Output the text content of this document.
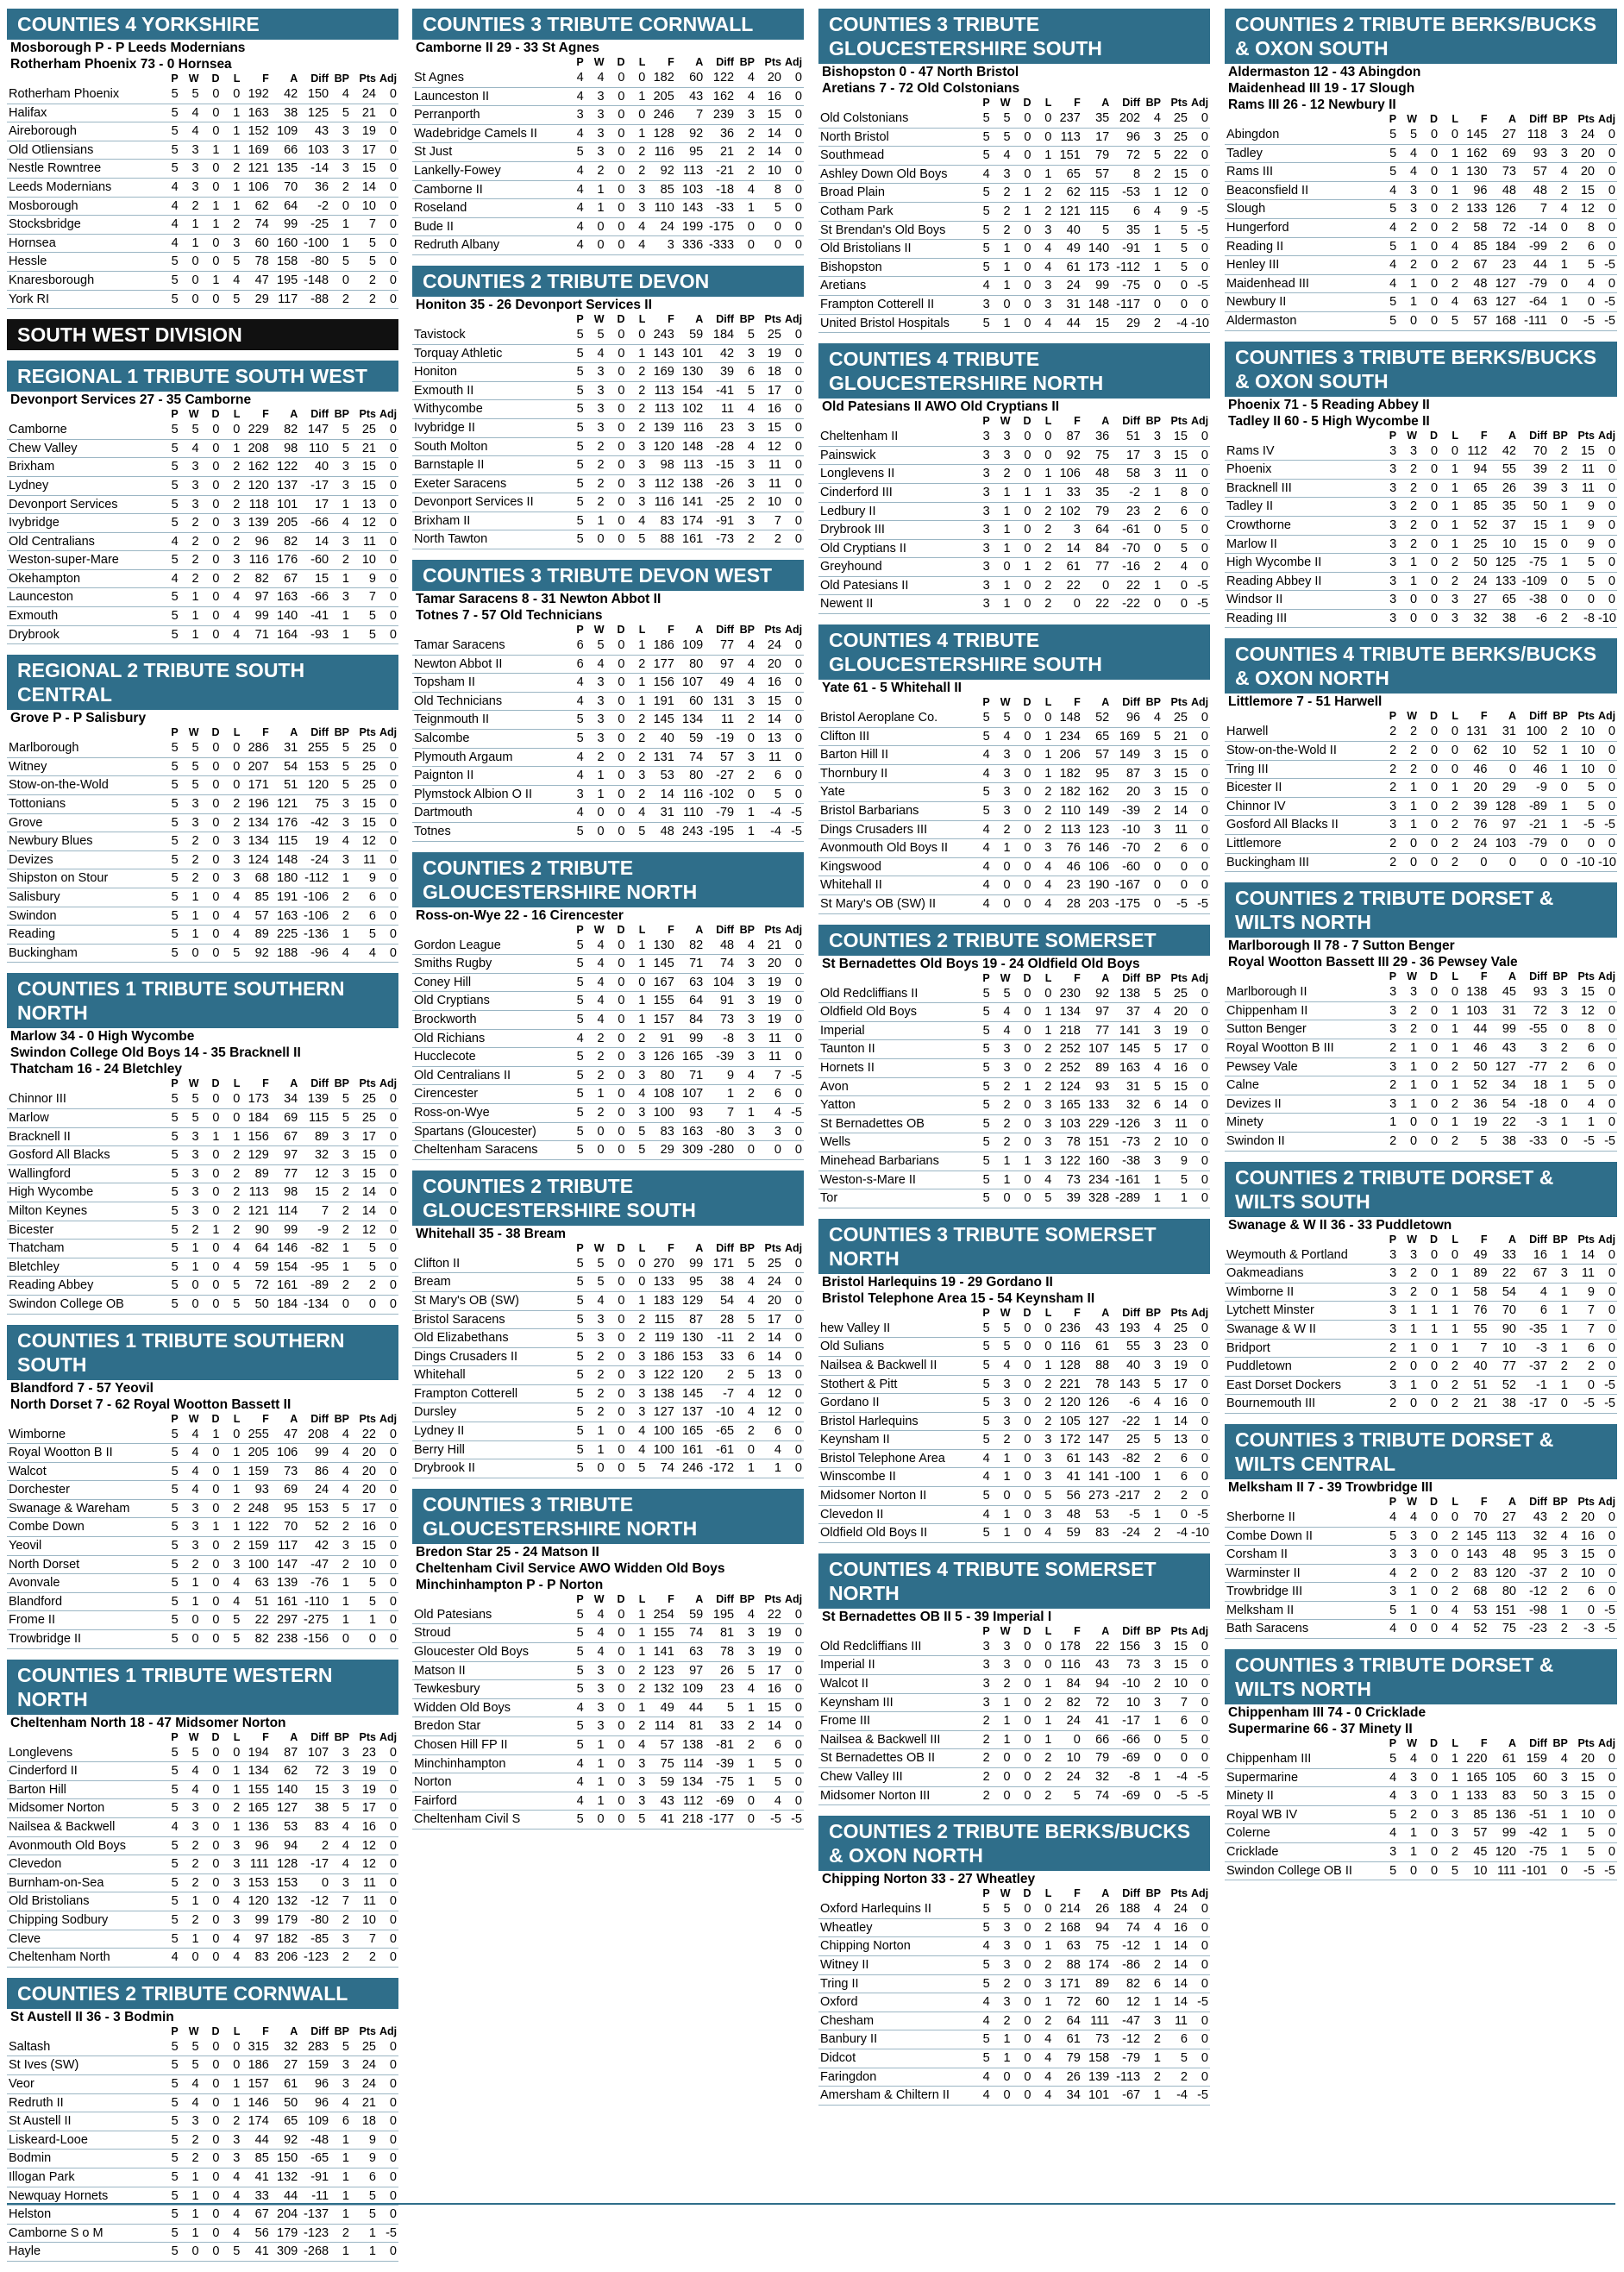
COUNTIES 4 YORKSHIRE
Mosborough P - P Leeds Modernians
Rotherham Phoenix 73 - 0 Hornsea
	P	W	D	L	F	A	Diff	BP	Pts	Adj
Rotherham Phoenix	5	5	0	0	192	42	150	4	24	0
Halifax	5	4	0	1	163	38	125	5	21	0
Aireborough	5	4	0	1	152	109	43	3	19	0
Old Otliensians	5	3	1	1	169	66	103	3	17	0
Nestle Rowntree	5	3	0	2	121	135	-14	3	15	0
Leeds Modernians	4	3	0	1	106	70	36	2	14	0
Mosborough	4	2	1	1	62	64	-2	0	10	0
Stocksbridge	4	1	1	2	74	99	-25	1	7	0
Hornsea	4	1	0	3	60	160	-100	1	5	0
Hessle	5	0	0	5	78	158	-80	5	5	0
Knaresborough	5	0	1	4	47	195	-148	0	2	0
York RI	5	0	0	5	29	117	-88	2	2	0
SOUTH WEST DIVISION
REGIONAL 1 TRIBUTE SOUTH WEST
Devonport Services 27 - 35 Camborne
	P	W	D	L	F	A	Diff	BP	Pts	Adj
Camborne	5	5	0	0	229	82	147	5	25	0
Chew Valley	5	4	0	1	208	98	110	5	21	0
Brixham	5	3	0	2	162	122	40	3	15	0
Lydney	5	3	0	2	120	137	-17	3	15	0
Devonport Services	5	3	0	2	118	101	17	1	13	0
Ivybridge	5	2	0	3	139	205	-66	4	12	0
Old Centralians	4	2	0	2	96	82	14	3	11	0
Weston-super-Mare	5	2	0	3	116	176	-60	2	10	0
Okehampton	4	2	0	2	82	67	15	1	9	0
Launceston	5	1	0	4	97	163	-66	3	7	0
Exmouth	5	1	0	4	99	140	-41	1	5	0
Drybrook	5	1	0	4	71	164	-93	1	5	0
REGIONAL 2 TRIBUTE SOUTH CENTRAL
Grove P - P Salisbury
	P	W	D	L	F	A	Diff	BP	Pts	Adj
Marlborough	5	5	0	0	286	31	255	5	25	0
Witney	5	5	0	0	207	54	153	5	25	0
Stow-on-the-Wold	5	5	0	0	171	51	120	5	25	0
Tottonians	5	3	0	2	196	121	75	3	15	0
Grove	5	3	0	2	134	176	-42	3	15	0
Newbury Blues	5	2	0	3	134	115	19	4	12	0
Devizes	5	2	0	3	124	148	-24	3	11	0
Shipston on Stour	5	2	0	3	68	180	-112	1	9	0
Salisbury	5	1	0	4	85	191	-106	2	6	0
Swindon	5	1	0	4	57	163	-106	2	6	0
Reading	5	1	0	4	89	225	-136	1	5	0
Buckingham	5	0	0	5	92	188	-96	4	4	0
COUNTIES 1 TRIBUTE SOUTHERN NORTH
Marlow 34 - 0 High Wycombe
Swindon College Old Boys 14 - 35 Bracknell II
Thatcham 16 - 24 Bletchley
	P	W	D	L	F	A	Diff	BP	Pts	Adj
Chinnor III	5	5	0	0	173	34	139	5	25	0
Marlow	5	5	0	0	184	69	115	5	25	0
Bracknell II	5	3	1	1	156	67	89	3	17	0
Gosford All Blacks	5	3	0	2	129	97	32	3	15	0
Wallingford	5	3	0	2	89	77	12	3	15	0
High Wycombe	5	3	0	2	113	98	15	2	14	0
Milton Keynes	5	3	0	2	121	114	7	2	14	0
Bicester	5	2	1	2	90	99	-9	2	12	0
Thatcham	5	1	0	4	64	146	-82	1	5	0
Bletchley	5	1	0	4	59	154	-95	1	5	0
Reading Abbey	5	0	0	5	72	161	-89	2	2	0
Swindon College OB	5	0	0	5	50	184	-134	0	0	0
COUNTIES 1 TRIBUTE SOUTHERN SOUTH
Blandford 7 - 57 Yeovil
North Dorset 7 - 62 Royal Wootton Bassett II
	P	W	D	L	F	A	Diff	BP	Pts	Adj
Wimborne	5	4	1	0	255	47	208	4	22	0
Royal Wootton B II	5	4	0	1	205	106	99	4	20	0
Walcot	5	4	0	1	159	73	86	4	20	0
Dorchester	5	4	0	1	93	69	24	4	20	0
Swanage & Wareham	5	3	0	2	248	95	153	5	17	0
Combe Down	5	3	1	1	122	70	52	2	16	0
Yeovil	5	3	0	2	159	117	42	3	15	0
North Dorset	5	2	0	3	100	147	-47	2	10	0
Avonvale	5	1	0	4	63	139	-76	1	5	0
Blandford	5	1	0	4	51	161	-110	1	5	0
Frome II	5	0	0	5	22	297	-275	1	1	0
Trowbridge II	5	0	0	5	82	238	-156	0	0	0
COUNTIES 1 TRIBUTE WESTERN NORTH
Cheltenham North 18 - 47 Midsomer Norton
	P	W	D	L	F	A	Diff	BP	Pts	Adj
Longlevens	5	5	0	0	194	87	107	3	23	0
Cinderford II	5	4	0	1	134	62	72	3	19	0
Barton Hill	5	4	0	1	155	140	15	3	19	0
Midsomer Norton	5	3	0	2	165	127	38	5	17	0
Nailsea & Backwell	4	3	0	1	136	53	83	4	16	0
Avonmouth Old Boys	5	2	0	3	96	94	2	4	12	0
Clevedon	5	2	0	3	111	128	-17	4	12	0
Burnham-on-Sea	5	2	0	3	153	153	0	3	11	0
Old Bristolians	5	1	0	4	120	132	-12	7	11	0
Chipping Sodbury	5	2	0	3	99	179	-80	2	10	0
Cleve	5	1	0	4	97	182	-85	3	7	0
Cheltenham North	4	0	0	4	83	206	-123	2	2	0
COUNTIES 2 TRIBUTE CORNWALL
St Austell II 36 - 3 Bodmin
	P	W	D	L	F	A	Diff	BP	Pts	Adj
Saltash	5	5	0	0	315	32	283	5	25	0
St Ives (SW)	5	5	0	0	186	27	159	3	24	0
Veor	5	4	0	1	157	61	96	3	24	0
Redruth II	5	4	0	1	146	50	96	4	21	0
St Austell II	5	3	0	2	174	65	109	6	18	0
Liskeard-Looe	5	2	0	3	44	92	-48	1	9	0
Bodmin	5	2	0	3	85	150	-65	1	9	0
Illogan Park	5	1	0	4	41	132	-91	1	6	0
Newquay Hornets	5	1	0	4	33	44	-11	1	5	0
Helston	5	1	0	4	67	204	-137	1	5	0
Camborne S o M	5	1	0	4	56	179	-123	2	1	-5
Hayle	5	0	0	5	41	309	-268	1	1	0
COUNTIES 3 TRIBUTE CORNWALL
Camborne II 29 - 33 St Agnes
	P	W	D	L	F	A	Diff	BP	Pts	Adj
St Agnes	4	4	0	0	182	60	122	4	20	0
Launceston II	4	3	0	1	205	43	162	4	16	0
Perranporth	3	3	0	0	246	7	239	3	15	0
Wadebridge Camels II	4	3	0	1	128	92	36	2	14	0
St Just	5	3	0	2	116	95	21	2	14	0
Lankelly-Fowey	4	2	0	2	92	113	-21	2	10	0
Camborne II	4	1	0	3	85	103	-18	4	8	0
Roseland	4	1	0	3	110	143	-33	1	5	0
Bude II	4	0	0	4	24	199	-175	0	0	0
Redruth Albany	4	0	0	4	3	336	-333	0	0	0
COUNTIES 2 TRIBUTE DEVON
Honiton 35 - 26 Devonport Services II
	P	W	D	L	F	A	Diff	BP	Pts	Adj
Tavistock	5	5	0	0	243	59	184	5	25	0
Torquay Athletic	5	4	0	1	143	101	42	3	19	0
Honiton	5	3	0	2	169	130	39	6	18	0
Exmouth II	5	3	0	2	113	154	-41	5	17	0
Withycombe	5	3	0	2	113	102	11	4	16	0
Ivybridge II	5	3	0	2	139	116	23	3	15	0
South Molton	5	2	0	3	120	148	-28	4	12	0
Barnstaple II	5	2	0	3	98	113	-15	3	11	0
Exeter Saracens	5	2	0	3	112	138	-26	3	11	0
Devonport Services II	5	2	0	3	116	141	-25	2	10	0
Brixham II	5	1	0	4	83	174	-91	3	7	0
North Tawton	5	0	0	5	88	161	-73	2	2	0
COUNTIES 3 TRIBUTE DEVON WEST
Tamar Saracens 8 - 31 Newton Abbot II
Totnes 7 - 57 Old Technicians
	P	W	D	L	F	A	Diff	BP	Pts	Adj
Tamar Saracens	6	5	0	1	186	109	77	4	24	0
Newton Abbot II	6	4	0	2	177	80	97	4	20	0
Topsham II	4	3	0	1	156	107	49	4	16	0
Old Technicians	4	3	0	1	191	60	131	3	15	0
Teignmouth II	5	3	0	2	145	134	11	2	14	0
Salcombe	5	3	0	2	40	59	-19	0	13	0
Plymouth Argaum	4	2	0	2	131	74	57	3	11	0
Paignton II	4	1	0	3	53	80	-27	2	6	0
Plymstock Albion O II	3	1	0	2	14	116	-102	0	5	0
Dartmouth	4	0	0	4	31	110	-79	1	-4	-5
Totnes	5	0	0	5	48	243	-195	1	-4	-5
COUNTIES 2 TRIBUTE GLOUCESTERSHIRE NORTH
Ross-on-Wye 22 - 16 Cirencester
	P	W	D	L	F	A	Diff	BP	Pts	Adj
Gordon League	5	4	0	1	130	82	48	4	21	0
Smiths Rugby	5	4	0	1	145	71	74	3	20	0
Coney Hill	5	4	0	0	167	63	104	3	19	0
Old Cryptians	5	4	0	1	155	64	91	3	19	0
Brockworth	5	4	0	1	157	84	73	3	19	0
Old Richians	4	2	0	2	91	99	-8	3	11	0
Hucclecote	5	2	0	3	126	165	-39	3	11	0
Old Centralians II	5	2	0	3	80	71	9	4	7	-5
Cirencester	5	1	0	4	108	107	1	2	6	0
Ross-on-Wye	5	2	0	3	100	93	7	1	4	-5
Spartans (Gloucester)	5	0	0	5	83	163	-80	3	3	0
Cheltenham Saracens	5	0	0	5	29	309	-280	0	0	0
COUNTIES 2 TRIBUTE GLOUCESTERSHIRE SOUTH
Whitehall 35 - 38 Bream
	P	W	D	L	F	A	Diff	BP	Pts	Adj
Clifton II	5	5	0	0	270	99	171	5	25	0
Bream	5	5	0	0	133	95	38	4	24	0
St Mary's OB (SW)	5	4	0	1	183	129	54	4	20	0
Bristol Saracens	5	3	0	2	115	87	28	5	17	0
Old Elizabethans	5	3	0	2	119	130	-11	2	14	0
Dings Crusaders II	5	2	0	3	186	153	33	6	14	0
Whitehall	5	2	0	3	122	120	2	5	13	0
Frampton Cotterell	5	2	0	3	138	145	-7	4	12	0
Dursley	5	2	0	3	127	137	-10	4	12	0
Lydney II	5	1	0	4	100	165	-65	2	6	0
Berry Hill	5	1	0	4	100	161	-61	0	4	0
Drybrook II	5	0	0	5	74	246	-172	1	1	0
COUNTIES 3 TRIBUTE GLOUCESTERSHIRE NORTH
Bredon Star 25 - 24 Matson II
Cheltenham Civil Service AWO Widden Old Boys
Minchinhampton P - P Norton
	P	W	D	L	F	A	Diff	BP	Pts	Adj
Old Patesians	5	4	0	1	254	59	195	4	22	0
Stroud	5	4	0	1	155	74	81	3	19	0
Gloucester Old Boys	5	4	0	1	141	63	78	3	19	0
Matson II	5	3	0	2	123	97	26	5	17	0
Tewkesbury	5	3	0	2	132	109	23	4	16	0
Widden Old Boys	4	3	0	1	49	44	5	1	15	0
Bredon Star	5	3	0	2	114	81	33	2	14	0
Chosen Hill FP II	5	1	0	4	57	138	-81	2	6	0
Minchinhampton	4	1	0	3	75	114	-39	1	5	0
Norton	4	1	0	3	59	134	-75	1	5	0
Fairford	4	1	0	3	43	112	-69	0	4	0
Cheltenham Civil S	5	0	0	5	41	218	-177	0	-5	-5
COUNTIES 3 TRIBUTE GLOUCESTERSHIRE SOUTH
Bishopston 0 - 47 North Bristol
Aretians 7 - 72 Old Colstonians
	P	W	D	L	F	A	Diff	BP	Pts	Adj
Old Colstonians	5	5	0	0	237	35	202	4	25	0
North Bristol	5	5	0	0	113	17	96	3	25	0
Southmead	5	4	0	1	151	79	72	5	22	0
Ashley Down Old Boys	4	3	0	1	65	57	8	2	15	0
Broad Plain	5	2	1	2	62	115	-53	1	12	0
Cotham Park	5	2	1	2	121	115	6	4	9	-5
St Brendan's Old Boys	5	2	0	3	40	5	35	1	5	-5
Old Bristolians II	5	1	0	4	49	140	-91	1	5	0
Bishopston	5	1	0	4	61	173	-112	1	5	0
Aretians	4	1	0	3	24	99	-75	0	0	-5
Frampton Cotterell II	3	0	0	3	31	148	-117	0	0	0
United Bristol Hospitals	5	1	0	4	44	15	29	2	-4	-10
COUNTIES 4 TRIBUTE GLOUCESTERSHIRE NORTH
Old Patesians II AWO Old Cryptians II
	P	W	D	L	F	A	Diff	BP	Pts	Adj
Cheltenham II	3	3	0	0	87	36	51	3	15	0
Painswick	3	3	0	0	92	75	17	3	15	0
Longlevens II	3	2	0	1	106	48	58	3	11	0
Cinderford III	3	1	1	1	33	35	-2	1	8	0
Ledbury II	3	1	0	2	102	79	23	2	6	0
Drybrook III	3	1	0	2	3	64	-61	0	5	0
Old Cryptians II	3	1	0	2	14	84	-70	0	5	0
Greyhound	3	0	1	2	61	77	-16	2	4	0
Old Patesians II	3	1	0	2	22	0	22	1	0	-5
Newent II	3	1	0	2	0	22	-22	0	0	-5
COUNTIES 4 TRIBUTE GLOUCESTERSHIRE SOUTH
Yate 61 - 5 Whitehall II
	P	W	D	L	F	A	Diff	BP	Pts	Adj
Bristol Aeroplane Co.	5	5	0	0	148	52	96	4	25	0
Clifton III	5	4	0	1	234	65	169	5	21	0
Barton Hill II	4	3	0	1	206	57	149	3	15	0
Thornbury II	4	3	0	1	182	95	87	3	15	0
Yate	5	3	0	2	182	162	20	3	15	0
Bristol Barbarians	5	3	0	2	110	149	-39	2	14	0
Dings Crusaders III	4	2	0	2	113	123	-10	3	11	0
Avonmouth Old Boys II	4	1	0	3	76	146	-70	2	6	0
Kingswood	4	0	0	4	46	106	-60	0	0	0
Whitehall II	4	0	0	4	23	190	-167	0	0	0
St Mary's OB (SW) II	4	0	0	4	28	203	-175	0	-5	-5
COUNTIES 2 TRIBUTE SOMERSET
St Bernadettes Old Boys 19 - 24 Oldfield Old Boys
	P	W	D	L	F	A	Diff	BP	Pts	Adj
Old Redcliffians II	5	5	0	0	230	92	138	5	25	0
Oldfield Old Boys	5	4	0	1	134	97	37	4	20	0
Imperial	5	4	0	1	218	77	141	3	19	0
Taunton II	5	3	0	2	252	107	145	5	17	0
Hornets II	5	3	0	2	252	89	163	4	16	0
Avon	5	2	1	2	124	93	31	5	15	0
Yatton	5	2	0	3	165	133	32	6	14	0
St Bernadettes OB	5	2	0	3	103	229	-126	3	11	0
Wells	5	2	0	3	78	151	-73	2	10	0
Minehead Barbarians	5	1	1	3	122	160	-38	3	9	0
Weston-s-Mare II	5	1	0	4	73	234	-161	1	5	0
Tor	5	0	0	5	39	328	-289	1	1	0
COUNTIES 3 TRIBUTE SOMERSET NORTH
Bristol Harlequins 19 - 29 Gordano II
Bristol Telephone Area 15 - 54 Keynsham II
	P	W	D	L	F	A	Diff	BP	Pts	Adj
hew Valley II	5	5	0	0	236	43	193	4	25	0
Old Sulians	5	5	0	0	116	61	55	3	23	0
Nailsea & Backwell II	5	4	0	1	128	88	40	3	19	0
Stothert & Pitt	5	3	0	2	221	78	143	5	17	0
Gordano II	5	3	0	2	120	126	-6	4	16	0
Bristol Harlequins	5	3	0	2	105	127	-22	1	14	0
Keynsham II	5	2	0	3	172	147	25	5	13	0
Bristol Telephone Area	4	1	0	3	61	143	-82	2	6	0
Winscombe II	4	1	0	3	41	141	-100	1	6	0
Midsomer Norton II	5	0	0	5	56	273	-217	2	2	0
Clevedon II	4	1	0	3	48	53	-5	1	0	-5
Oldfield Old Boys II	5	1	0	4	59	83	-24	2	-4	-10
COUNTIES 4 TRIBUTE SOMERSET NORTH
St Bernadettes OB II 5 - 39 Imperial I
	P	W	D	L	F	A	Diff	BP	Pts	Adj
Old Redcliffians III	3	3	0	0	178	22	156	3	15	0
Imperial II	3	3	0	0	116	43	73	3	15	0
Walcot II	3	2	0	1	84	94	-10	2	10	0
Keynsham III	3	1	0	2	82	72	10	3	7	0
Frome III	2	1	0	1	24	41	-17	1	6	0
Nailsea & Backwell III	2	1	0	1	0	66	-66	0	5	0
St Bernadettes OB II	2	0	0	2	10	79	-69	0	0	0
Chew Valley III	2	0	0	2	24	32	-8	1	-4	-5
Midsomer Norton III	2	0	0	2	5	74	-69	0	-5	-5
COUNTIES 2 TRIBUTE BERKS/BUCKS & OXON NORTH
Chipping Norton 33 - 27 Wheatley
	P	W	D	L	F	A	Diff	BP	Pts	Adj
Oxford Harlequins II	5	5	0	0	214	26	188	4	24	0
Wheatley	5	3	0	2	168	94	74	4	16	0
Chipping Norton	4	3	0	1	63	75	-12	1	14	0
Witney II	5	3	0	2	88	174	-86	2	14	0
Tring II	5	2	0	3	171	89	82	6	14	0
Oxford	4	3	0	1	72	60	12	1	14	-5
Chesham	4	2	0	2	64	111	-47	3	11	0
Banbury II	5	1	0	4	61	73	-12	2	6	0
Didcot	5	1	0	4	79	158	-79	1	5	0
Faringdon	4	0	0	4	26	139	-113	2	2	0
Amersham & Chiltern II	4	0	0	4	34	101	-67	1	-4	-5
COUNTIES 2 TRIBUTE BERKS/BUCKS & OXON SOUTH
Aldermaston 12 - 43 Abingdon
Maidenhead III 19 - 17 Slough
Rams III 26 - 12 Newbury II
	P	W	D	L	F	A	Diff	BP	Pts	Adj
Abingdon	5	5	0	0	145	27	118	3	24	0
Tadley	5	4	0	1	162	69	93	3	20	0
Rams III	5	4	0	1	130	73	57	4	20	0
Beaconsfield II	4	3	0	1	96	48	48	2	15	0
Slough	5	3	0	2	133	126	7	4	12	0
Hungerford	4	2	0	2	58	72	-14	0	8	0
Reading II	5	1	0	4	85	184	-99	2	6	0
Henley III	4	2	0	2	67	23	44	1	5	-5
Maidenhead III	4	1	0	2	48	127	-79	0	4	0
Newbury II	5	1	0	4	63	127	-64	1	0	-5
Aldermaston	5	0	0	5	57	168	-111	0	-5	-5
COUNTIES 3 TRIBUTE BERKS/BUCKS & OXON SOUTH
Phoenix 71 - 5 Reading Abbey II
Tadley II 60 - 5 High Wycombe II
	P	W	D	L	F	A	Diff	BP	Pts	Adj
Rams IV	3	3	0	0	112	42	70	2	15	0
Phoenix	3	2	0	1	94	55	39	2	11	0
Bracknell III	3	2	0	1	65	26	39	3	11	0
Tadley II	3	2	0	1	85	35	50	1	9	0
Crowthorne	3	2	0	1	52	37	15	1	9	0
Marlow II	3	2	0	1	25	10	15	0	9	0
High Wycombe II	3	1	0	2	50	125	-75	1	5	0
Reading Abbey II	3	1	0	2	24	133	-109	0	5	0
Windsor II	3	0	0	3	27	65	-38	0	0	0
Reading III	3	0	0	3	32	38	-6	2	-8	-10
COUNTIES 4 TRIBUTE BERKS/BUCKS & OXON NORTH
Littlemore 7 - 51 Harwell
	P	W	D	L	F	A	Diff	BP	Pts	Adj
Harwell	2	2	0	0	131	31	100	2	10	0
Stow-on-the-Wold II	2	2	0	0	62	10	52	1	10	0
Tring III	2	2	0	0	46	0	46	1	10	0
Bicester II	2	1	0	1	20	29	-9	0	5	0
Chinnor IV	3	1	0	2	39	128	-89	1	5	0
Gosford All Blacks II	3	1	0	2	76	97	-21	1	-5	-5
Littlemore	2	0	0	2	24	103	-79	0	0	0
Buckingham III	2	0	0	2	0	0	0	0	-10	-10
COUNTIES 2 TRIBUTE DORSET & WILTS NORTH
Marlborough II 78 - 7 Sutton Benger
Royal Wootton Bassett III 29 - 36 Pewsey Vale
	P	W	D	L	F	A	Diff	BP	Pts	Adj
Marlborough II	3	3	0	0	138	45	93	3	15	0
Chippenham II	3	2	0	1	103	31	72	3	12	0
Sutton Benger	3	2	0	1	44	99	-55	0	8	0
Royal Wootton B III	2	1	0	1	46	43	3	2	6	0
Pewsey Vale	3	1	0	2	50	127	-77	2	6	0
Calne	2	1	0	1	52	34	18	1	5	0
Devizes II	3	1	0	2	36	54	-18	0	4	0
Minety	1	0	0	1	19	22	-3	1	1	0
Swindon II	2	0	0	2	5	38	-33	0	-5	-5
COUNTIES 2 TRIBUTE DORSET & WILTS SOUTH
Swanage & W II 36 - 33 Puddletown
	P	W	D	L	F	A	Diff	BP	Pts	Adj
Weymouth & Portland	3	3	0	0	49	33	16	1	14	0
Oakmeadians	3	2	0	1	89	22	67	3	11	0
Wimborne II	3	2	0	1	58	54	4	1	9	0
Lytchett Minster	3	1	1	1	76	70	6	1	7	0
Swanage & W II	3	1	1	1	55	90	-35	1	7	0
Bridport	2	1	0	1	7	10	-3	1	6	0
Puddletown	2	0	0	2	40	77	-37	2	2	0
East Dorset Dockers	3	1	0	2	51	52	-1	1	0	-5
Bournemouth III	2	0	0	2	21	38	-17	0	-5	-5
COUNTIES 3 TRIBUTE DORSET & WILTS CENTRAL
Melksham II 7 - 39 Trowbridge III
	P	W	D	L	F	A	Diff	BP	Pts	Adj
Sherborne II	4	4	0	0	70	27	43	2	20	0
Combe Down II	5	3	0	2	145	113	32	4	16	0
Corsham II	3	3	0	0	143	48	95	3	15	0
Warminster II	4	2	0	2	83	120	-37	2	10	0
Trowbridge III	3	1	0	2	68	80	-12	2	6	0
Melksham II	5	1	0	4	53	151	-98	1	0	-5
Bath Saracens	4	0	0	4	52	75	-23	2	-3	-5
COUNTIES 3 TRIBUTE DORSET & WILTS NORTH
Chippenham III 74 - 0 Cricklade
Supermarine 66 - 37 Minety II
	P	W	D	L	F	A	Diff	BP	Pts	Adj
Chippenham III	5	4	0	1	220	61	159	4	20	0
Supermarine	4	3	0	1	165	105	60	3	15	0
Minety II	4	3	0	1	133	83	50	3	15	0
Royal WB IV	5	2	0	3	85	136	-51	1	10	0
Colerne	4	1	0	3	57	99	-42	1	5	0
Cricklade	3	1	0	2	45	120	-75	1	5	0
Swindon College OB II	5	0	0	5	10	111	-101	0	-5	-5
